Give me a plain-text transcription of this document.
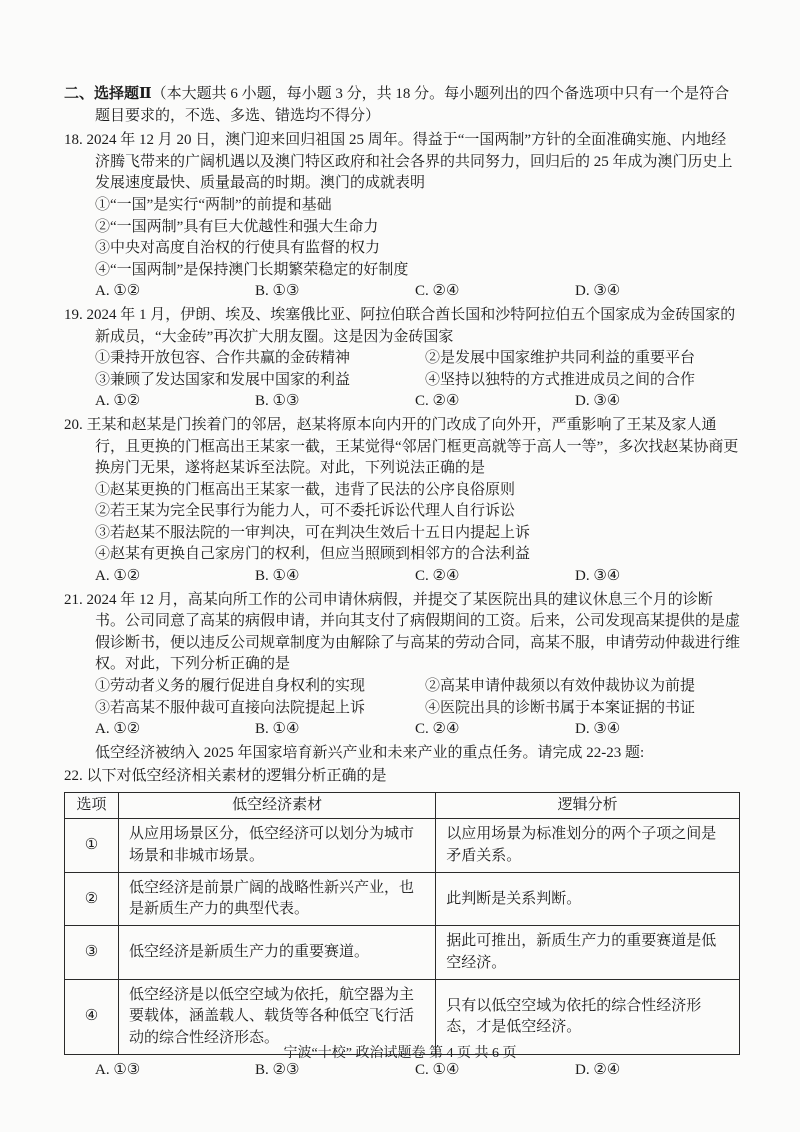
二、选择题Ⅱ（本大题共 6 小题，每小题 3 分，共 18 分。每小题列出的四个备选项中只有一个是符合题目要求的，不选、多选、错选均不得分）

18. 2024 年 12 月 20 日，澳门迎来回归祖国 25 周年。得益于“一国两制”方针的全面准确实施、内地经济腾飞带来的广阔机遇以及澳门特区政府和社会各界的共同努力，回归后的 25 年成为澳门历史上发展速度最快、质量最高的时期。澳门的成就表明

①“一国”是实行“两制”的前提和基础
②“一国两制”具有巨大优越性和强大生命力
③中央对高度自治权的行使具有监督的权力
④“一国两制”是保持澳门长期繁荣稳定的好制度
A. ①②	B. ①③	C. ②④	D. ③④

19. 2024 年 1 月，伊朗、埃及、埃塞俄比亚、阿拉伯联合酋长国和沙特阿拉伯五个国家成为金砖国家的新成员，“大金砖”再次扩大朋友圈。这是因为金砖国家

①秉持开放包容、合作共赢的金砖精神	②是发展中国家维护共同利益的重要平台
③兼顾了发达国家和发展中国家的利益	④坚持以独特的方式推进成员之间的合作
A. ①②	B. ①③	C. ②④	D. ③④

20. 王某和赵某是门挨着门的邻居，赵某将原本向内开的门改成了向外开，严重影响了王某及家人通行，且更换的门框高出王某家一截，王某觉得“邻居门框更高就等于高人一等”，多次找赵某协商更换房门无果，遂将赵某诉至法院。对此，下列说法正确的是

①赵某更换的门框高出王某家一截，违背了民法的公序良俗原则
②若王某为完全民事行为能力人，可不委托诉讼代理人自行诉讼
③若赵某不服法院的一审判决，可在判决生效后十五日内提起上诉
④赵某有更换自己家房门的权利，但应当照顾到相邻方的合法利益
A. ①②	B. ①④	C. ②④	D. ③④

21. 2024 年 12 月，高某向所工作的公司申请休病假，并提交了某医院出具的建议休息三个月的诊断书。公司同意了高某的病假申请，并向其支付了病假期间的工资。后来，公司发现高某提供的是虚假诊断书，便以违反公司规章制度为由解除了与高某的劳动合同，高某不服，申请劳动仲裁进行维权。对此，下列分析正确的是

①劳动者义务的履行促进自身权利的实现	②高某申请仲裁须以有效仲裁协议为前提
③若高某不服仲裁可直接向法院提起上诉	④医院出具的诊断书属于本案证据的书证
A. ①②	B. ①④	C. ②④	D. ③④

低空经济被纳入 2025 年国家培育新兴产业和未来产业的重点任务。请完成 22-23 题:

22. 以下对低空经济相关素材的逻辑分析正确的是

选项	低空经济素材	逻辑分析
①	从应用场景区分，低空经济可以划分为城市场景和非城市场景。	以应用场景为标准划分的两个子项之间是矛盾关系。
②	低空经济是前景广阔的战略性新兴产业，也是新质生产力的典型代表。	此判断是关系判断。
③	低空经济是新质生产力的重要赛道。	据此可推出，新质生产力的重要赛道是低空经济。
④	低空经济是以低空空域为依托，航空器为主要载体，涵盖载人、载货等各种低空飞行活动的综合性经济形态。	只有以低空空域为依托的综合性经济形态，才是低空经济。
A. ①③	B. ②③	C. ①④	D. ②④
宁波“十校” 政治试题卷 第 4 页 共 6 页
